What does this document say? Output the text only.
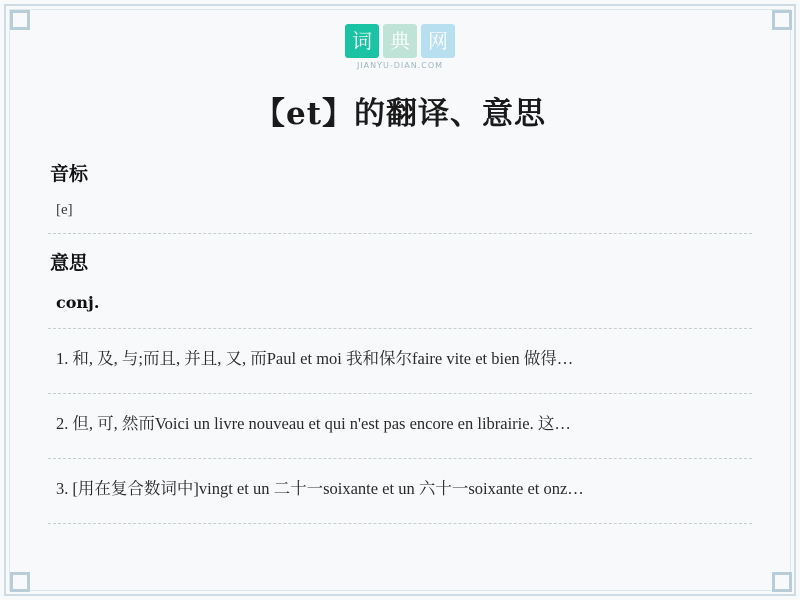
词 典 网
JIANYU-DIAN.COM
【et】的翻译、意思
音标
[e]
意思
conj.
1. 和, 及, 与;而且, 并且, 又, 而Paul et moi 我和保尔faire vite et bien 做得…
2. 但, 可, 然而Voici un livre nouveau et qui n'est pas encore en librairie. 这…
3. [用在复合数词中]vingt et un 二十一soixante et un 六十一soixante et onz…
